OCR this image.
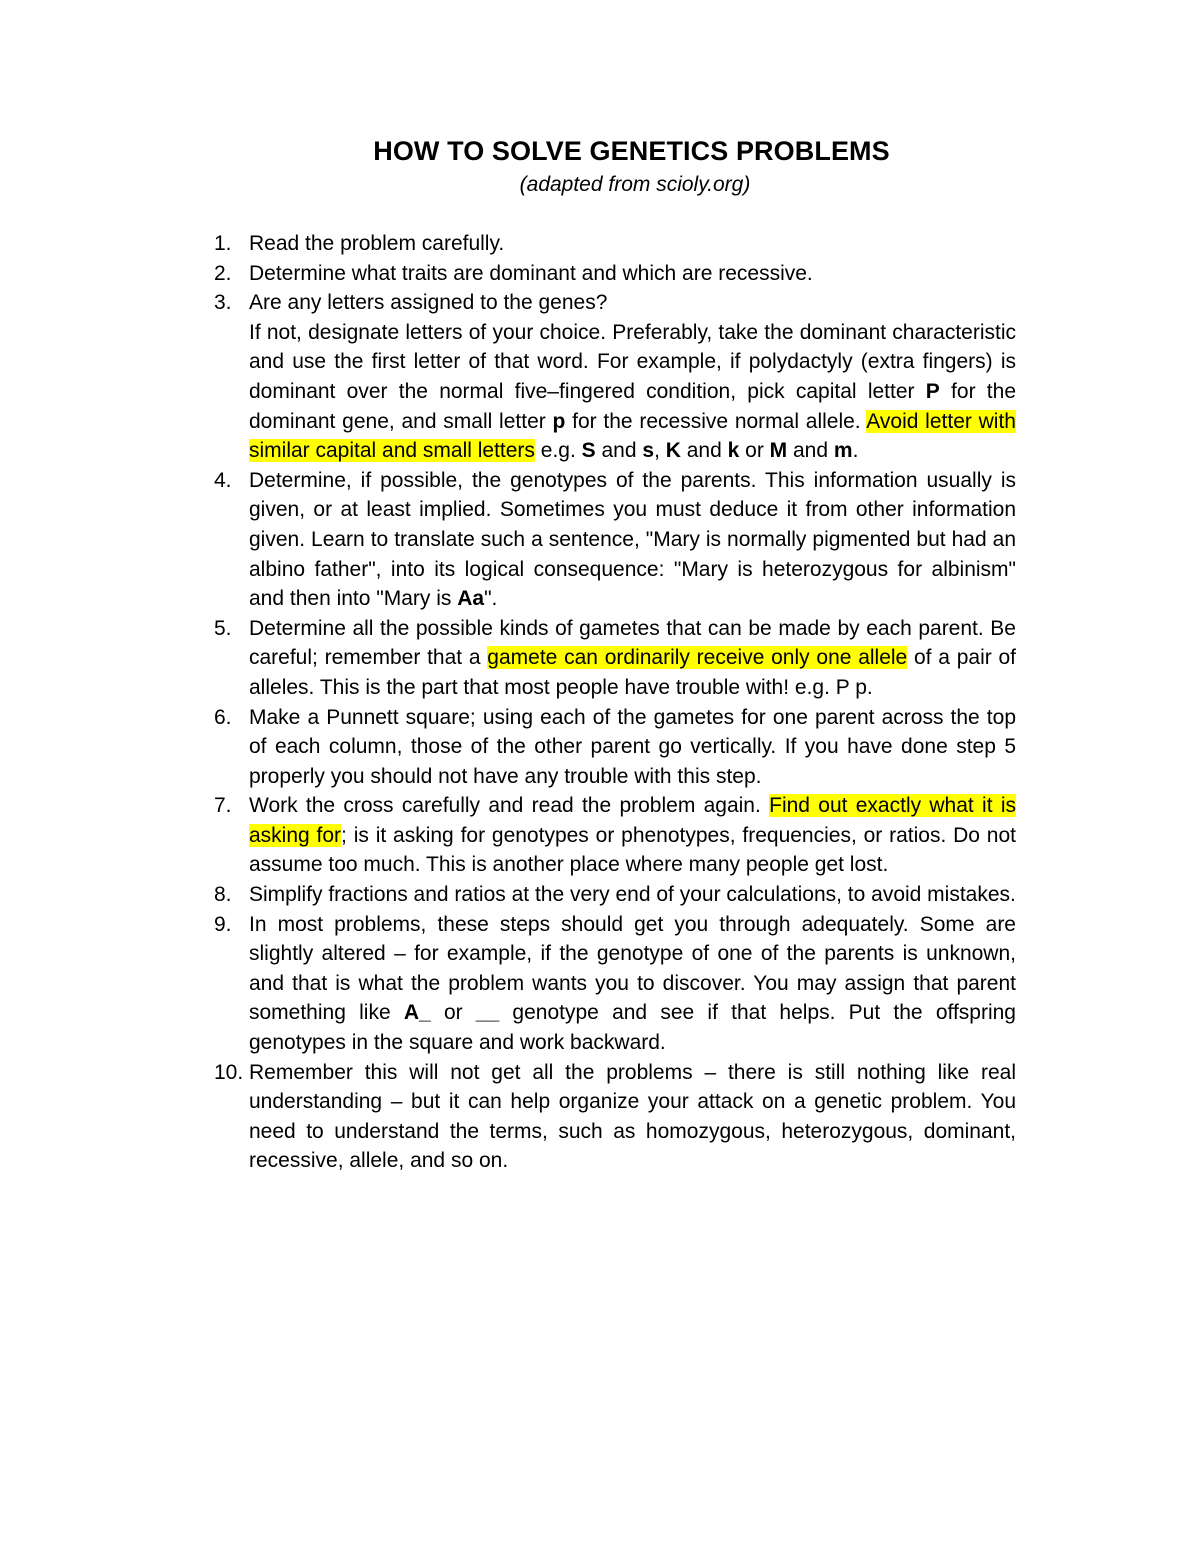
HOW TO SOLVE GENETICS PROBLEMS
(adapted from scioly.org)
1. Read the problem carefully.
2. Determine what traits are dominant and which are recessive.
3. Are any letters assigned to the genes?
If not, designate letters of your choice. Preferably, take the dominant characteristic and use the first letter of that word. For example, if polydactyly (extra fingers) is dominant over the normal five–fingered condition, pick capital letter P for the dominant gene, and small letter p for the recessive normal allele. Avoid letter with similar capital and small letters e.g. S and s, K and k or M and m.
4. Determine, if possible, the genotypes of the parents. This information usually is given, or at least implied. Sometimes you must deduce it from other information given. Learn to translate such a sentence, "Mary is normally pigmented but had an albino father", into its logical consequence: "Mary is heterozygous for albinism" and then into "Mary is Aa".
5. Determine all the possible kinds of gametes that can be made by each parent. Be careful; remember that a gamete can ordinarily receive only one allele of a pair of alleles. This is the part that most people have trouble with! e.g. P p.
6. Make a Punnett square; using each of the gametes for one parent across the top of each column, those of the other parent go vertically. If you have done step 5 properly you should not have any trouble with this step.
7. Work the cross carefully and read the problem again. Find out exactly what it is asking for; is it asking for genotypes or phenotypes, frequencies, or ratios. Do not assume too much. This is another place where many people get lost.
8. Simplify fractions and ratios at the very end of your calculations, to avoid mistakes.
9. In most problems, these steps should get you through adequately. Some are slightly altered – for example, if the genotype of one of the parents is unknown, and that is what the problem wants you to discover. You may assign that parent something like A_ or __ genotype and see if that helps. Put the offspring genotypes in the square and work backward.
10. Remember this will not get all the problems – there is still nothing like real understanding – but it can help organize your attack on a genetic problem. You need to understand the terms, such as homozygous, heterozygous, dominant, recessive, allele, and so on.
